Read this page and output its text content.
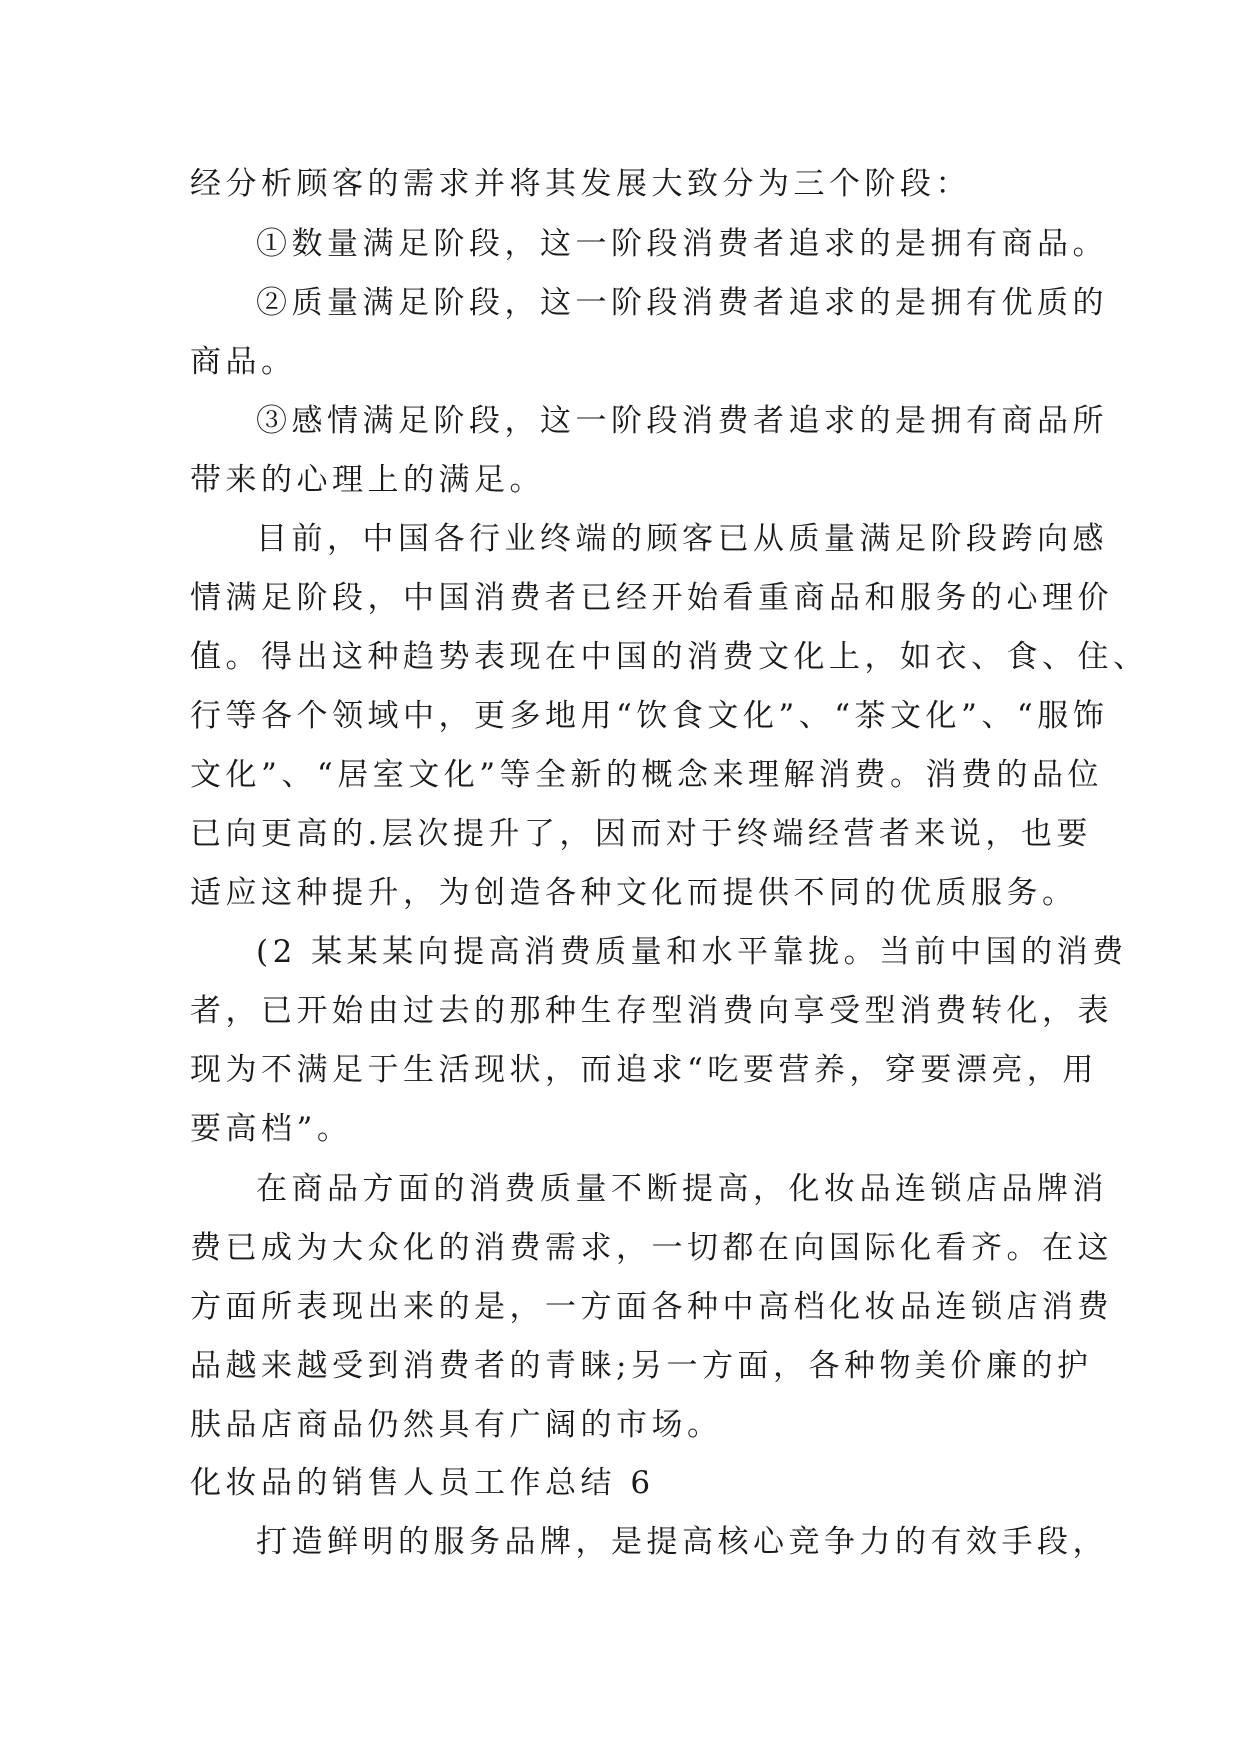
经分析顾客的需求并将其发展大致分为三个阶段：
①数量满足阶段，这一阶段消费者追求的是拥有商品。
②质量满足阶段，这一阶段消费者追求的是拥有优质的
商品。
③感情满足阶段，这一阶段消费者追求的是拥有商品所
带来的心理上的满足。
目前，中国各行业终端的顾客已从质量满足阶段跨向感
情满足阶段，中国消费者已经开始看重商品和服务的心理价
值。得出这种趋势表现在中国的消费文化上，如衣、食、住、
行等各个领域中，更多地用“饮食文化”、“茶文化”、“服饰
文化”、“居室文化”等全新的概念来理解消费。消费的品位
已向更高的.层次提升了，因而对于终端经营者来说，也要
适应这种提升，为创造各种文化而提供不同的优质服务。
(2 某某某向提高消费质量和水平靠拢。当前中国的消费
者，已开始由过去的那种生存型消费向享受型消费转化，表
现为不满足于生活现状，而追求“吃要营养，穿要漂亮，用
要高档”。
在商品方面的消费质量不断提高，化妆品连锁店品牌消
费已成为大众化的消费需求，一切都在向国际化看齐。在这
方面所表现出来的是，一方面各种中高档化妆品连锁店消费
品越来越受到消费者的青睐;另一方面，各种物美价廉的护
肤品店商品仍然具有广阔的市场。
化妆品的销售人员工作总结 6
打造鲜明的服务品牌，是提高核心竞争力的有效手段，
